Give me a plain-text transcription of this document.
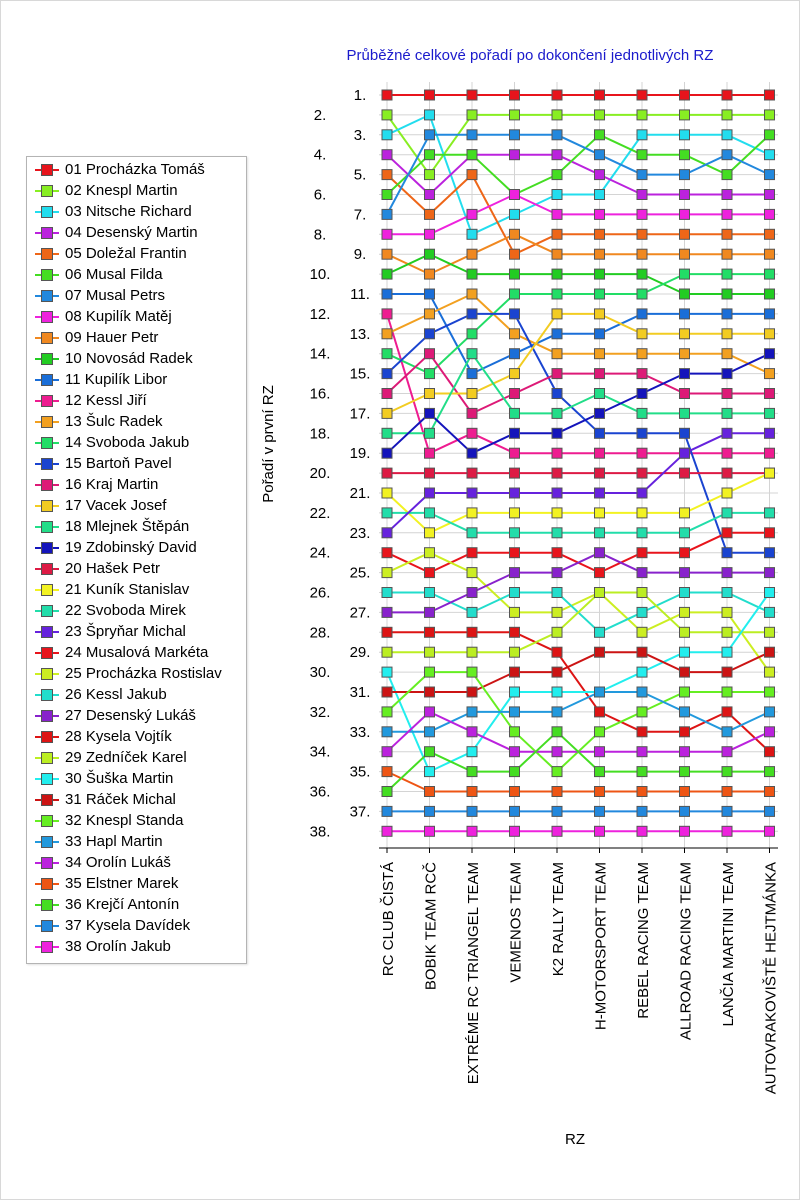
Průběžné celkové pořadí po dokončení jednotlivých RZ
Pořadí v první RZ
RZ
01 Procházka Tomáš
02 Knespl Martin
03 Nitsche Richard
04 Desenský Martin
05 Doležal Frantin
06 Musal Filda
07 Musal Petrs
08 Kupilík Matěj
09 Hauer Petr
10 Novosád Radek
11 Kupilík Libor
12 Kessl Jiří
13 Šulc Radek
14 Svoboda Jakub
15 Bartoň Pavel
16 Kraj Martin
17 Vacek Josef
18 Mlejnek Štěpán
19 Zdobinský David
20 Hašek Petr
21 Kuník Stanislav
22 Svoboda Mirek
23 Špryňar Michal
24 Musalová Markéta
25 Procházka Rostislav
26 Kessl Jakub
27 Desenský Lukáš
28 Kysela Vojtík
29 Zedníček Karel
30 Šuška Martin
31 Ráček Michal
32 Knespl Standa
33 Hapl Martin
34 Orolín Lukáš
35 Elstner Marek
36 Krejčí Antonín
37 Kysela Davídek
38 Orolín Jakub
1.
2.
3.
4.
5.
6.
7.
8.
9.
10.
11.
12.
13.
14.
15.
16.
17.
18.
19.
20.
21.
22.
23.
24.
25.
26.
27.
28.
29.
30.
31.
32.
33.
34.
35.
36.
37.
38.
RC CLUB ČISTÁ BOBIK TEAM RCČ EXTRÉME RC TRIANGEL TEAM VEMENOS TEAM K2 RALLY TEAM H-MOTORSPORT TEAM REBEL RACING TEAM ALLROAD RACING TEAM LANČIA MARTINI TEAM AUTOVRAKOVIŠTĚ HEJTMÁNKA
